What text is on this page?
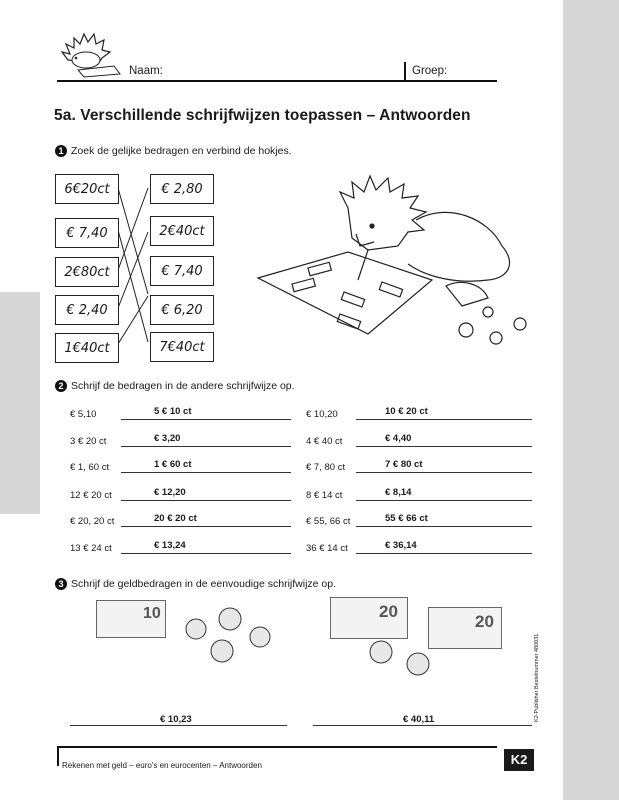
Naam:	Groep:
5a. Verschillende schrijfwijzen toepassen – Antwoorden
1 Zoek de gelijke bedragen en verbind de hokjes.
6€20ct
€ 7,40
2€80ct
€ 2,40
1€40ct
€ 2,80
2€40ct
€ 7,40
€ 6,20
7€40ct
2 Schrijf de bedragen in de andere schrijfwijze op.
€ 5,10	5 € 10 ct
3 € 20 ct	€ 3,20
€ 1, 60 ct	1 € 60 ct
12 € 20 ct	€ 12,20
€ 20, 20 ct	20 € 20 ct
13 € 24 ct	€ 13,24
€ 10,20	10 € 20 ct
4 € 40 ct	€ 4,40
€ 7, 80 ct	7 € 80 ct
8 € 14 ct	€ 8,14
€ 55, 66 ct	55 € 66 ct
36 € 14 ct	€ 36,14
3 Schrijf de geldbedragen in de eenvoudige schrijfwijze op.
10	20
20
€ 10,23	€ 40,11
Rekenen met geld – euro's en eurocenten – Antwoorden	K2
K2-Publisher Bestelnummer 480031
